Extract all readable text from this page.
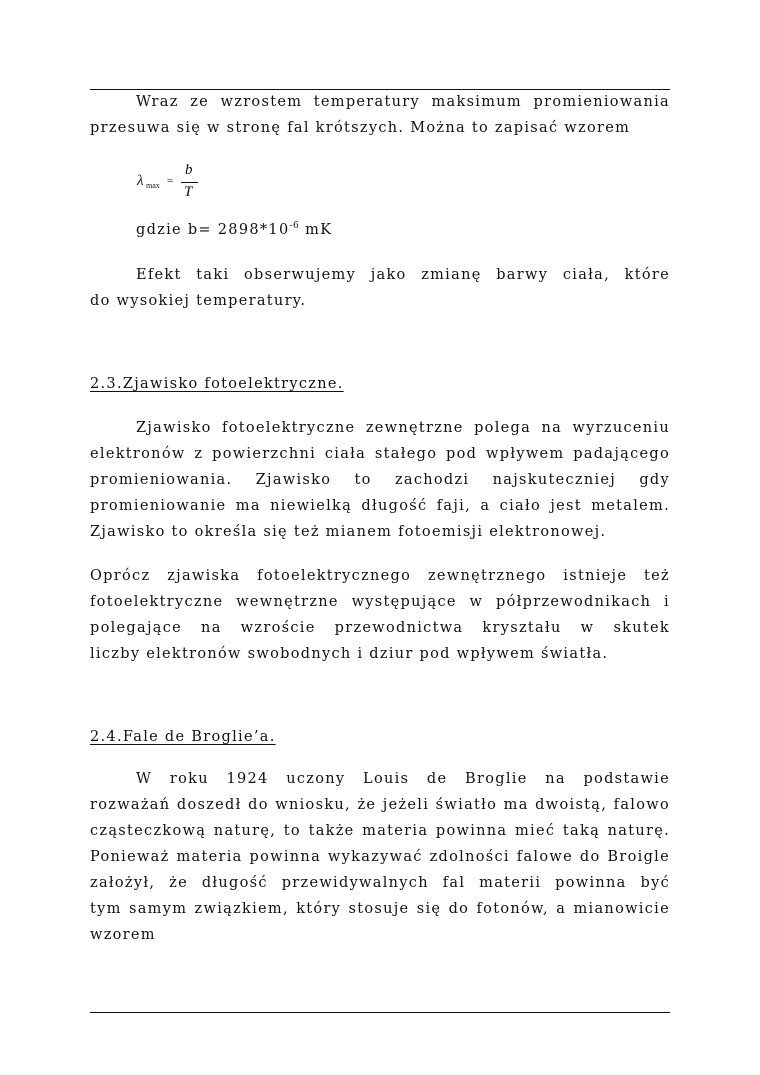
Wraz ze wzrostem temperatury maksimum promieniowania
przesuwa się w stronę fal krótszych. Można to zapisać wzorem
λ max =
b
T
gdzie $b= 2898*10^{-6}$ mK
Efekt taki obserwujemy jako zmianę barwy ciała, które
do wysokiej temperatury.
2.3.Zjawisko fotoelektryczne.
Zjawisko fotoelektryczne zewnętrzne polega na wyrzuceniu
elektronów z powierzchni ciała stałego pod wpływem padającego
promieniowania. Zjawisko to zachodzi najskuteczniej gdy
promieniowanie ma niewielką długość faji, a ciało jest metalem.
Zjawisko to określa się też mianem fotoemisji elektronowej.
Oprócz zjawiska fotoelektrycznego zewnętrznego istnieje też
fotoelektryczne wewnętrzne występujące w półprzewodnikach i
polegające na wzroście przewodnictwa kryształu w skutek
liczby elektronów swobodnych i dziur pod wpływem światła.
2.4.Fale de Broglie’a.
W roku 1924 uczony Louis de Broglie na podstawie
rozważań doszedł do wniosku, że jeżeli światło ma dwoistą, falowo
cząsteczkową naturę, to także materia powinna mieć taką naturę.
Ponieważ materia powinna wykazywać zdolności falowe do Broigle
założył, że długość przewidywalnych fal materii powinna być
tym samym związkiem, który stosuje się do fotonów, a mianowicie
wzorem
